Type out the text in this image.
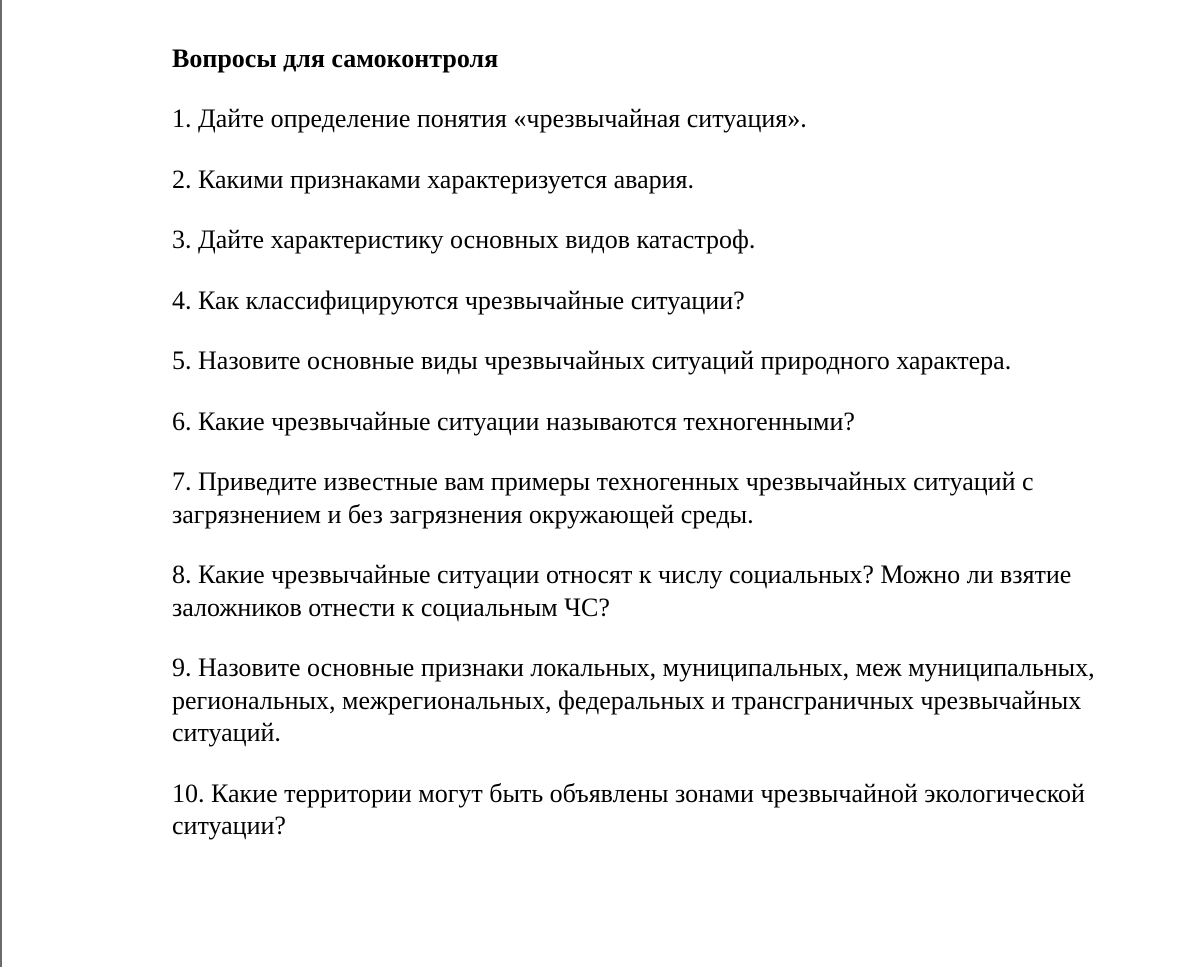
Вопросы для самоконтроля
1. Дайте определение понятия «чрезвычайная ситуация».
2. Какими признаками характеризуется авария.
3. Дайте характеристику основных видов катастроф.
4. Как классифицируются чрезвычайные ситуации?
5. Назовите основные виды чрезвычайных ситуаций природного характера.
6. Какие чрезвычайные ситуации называются техногенными?
7. Приведите известные вам примеры техногенных чрезвычайных ситуаций с загрязнением и без загрязнения окружающей среды.
8. Какие чрезвычайные ситуации относят к числу социальных? Можно ли взятие заложников отнести к социальным ЧС?
9. Назовите основные признаки локальных, муниципальных, меж муниципальных, региональных, межрегиональных, федеральных и трансграничных чрезвычайных ситуаций.
10. Какие территории могут быть объявлены зонами чрезвычайной экологической ситуации?
